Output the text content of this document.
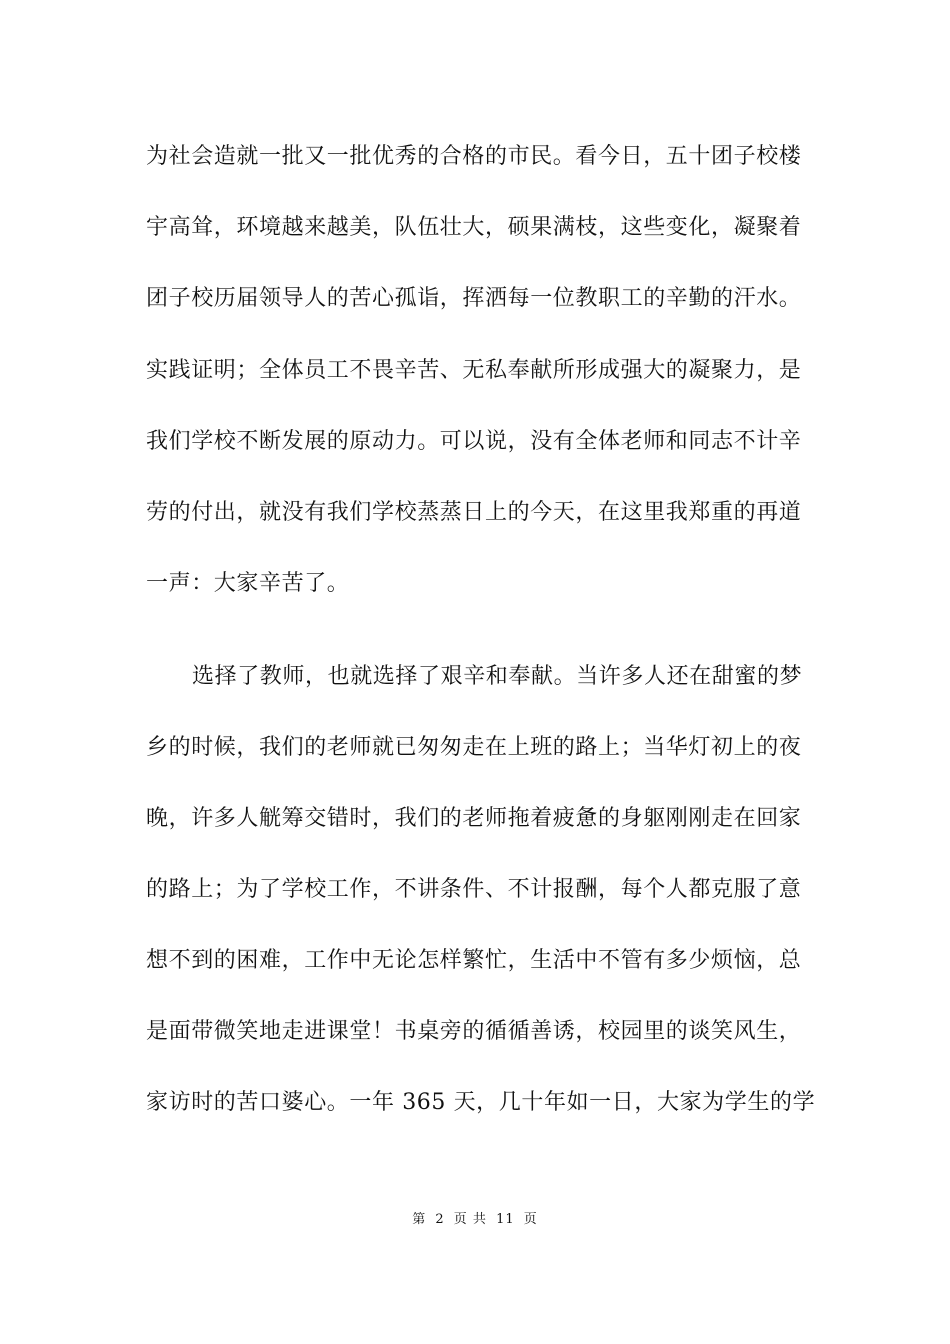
为社会造就一批又一批优秀的合格的市民。看今日，五十团子校楼
宇高耸，环境越来越美，队伍壮大，硕果满枝，这些变化，凝聚着
团子校历届领导人的苦心孤诣，挥洒每一位教职工的辛勤的汗水。
实践证明；全体员工不畏辛苦、无私奉献所形成强大的凝聚力，是
我们学校不断发展的原动力。可以说，没有全体老师和同志不计辛
劳的付出，就没有我们学校蒸蒸日上的今天，在这里我郑重的再道
一声：大家辛苦了。
选择了教师，也就选择了艰辛和奉献。当许多人还在甜蜜的梦
乡的时候，我们的老师就已匆匆走在上班的路上；当华灯初上的夜
晚，许多人觥筹交错时，我们的老师拖着疲惫的身躯刚刚走在回家
的路上；为了学校工作，不讲条件、不计报酬，每个人都克服了意
想不到的困难，工作中无论怎样繁忙，生活中不管有多少烦恼，总
是面带微笑地走进课堂！书桌旁的循循善诱，校园里的谈笑风生，
家访时的苦口婆心。一年 365 天，几十年如一日，大家为学生的学
第 2 页 共 11 页
